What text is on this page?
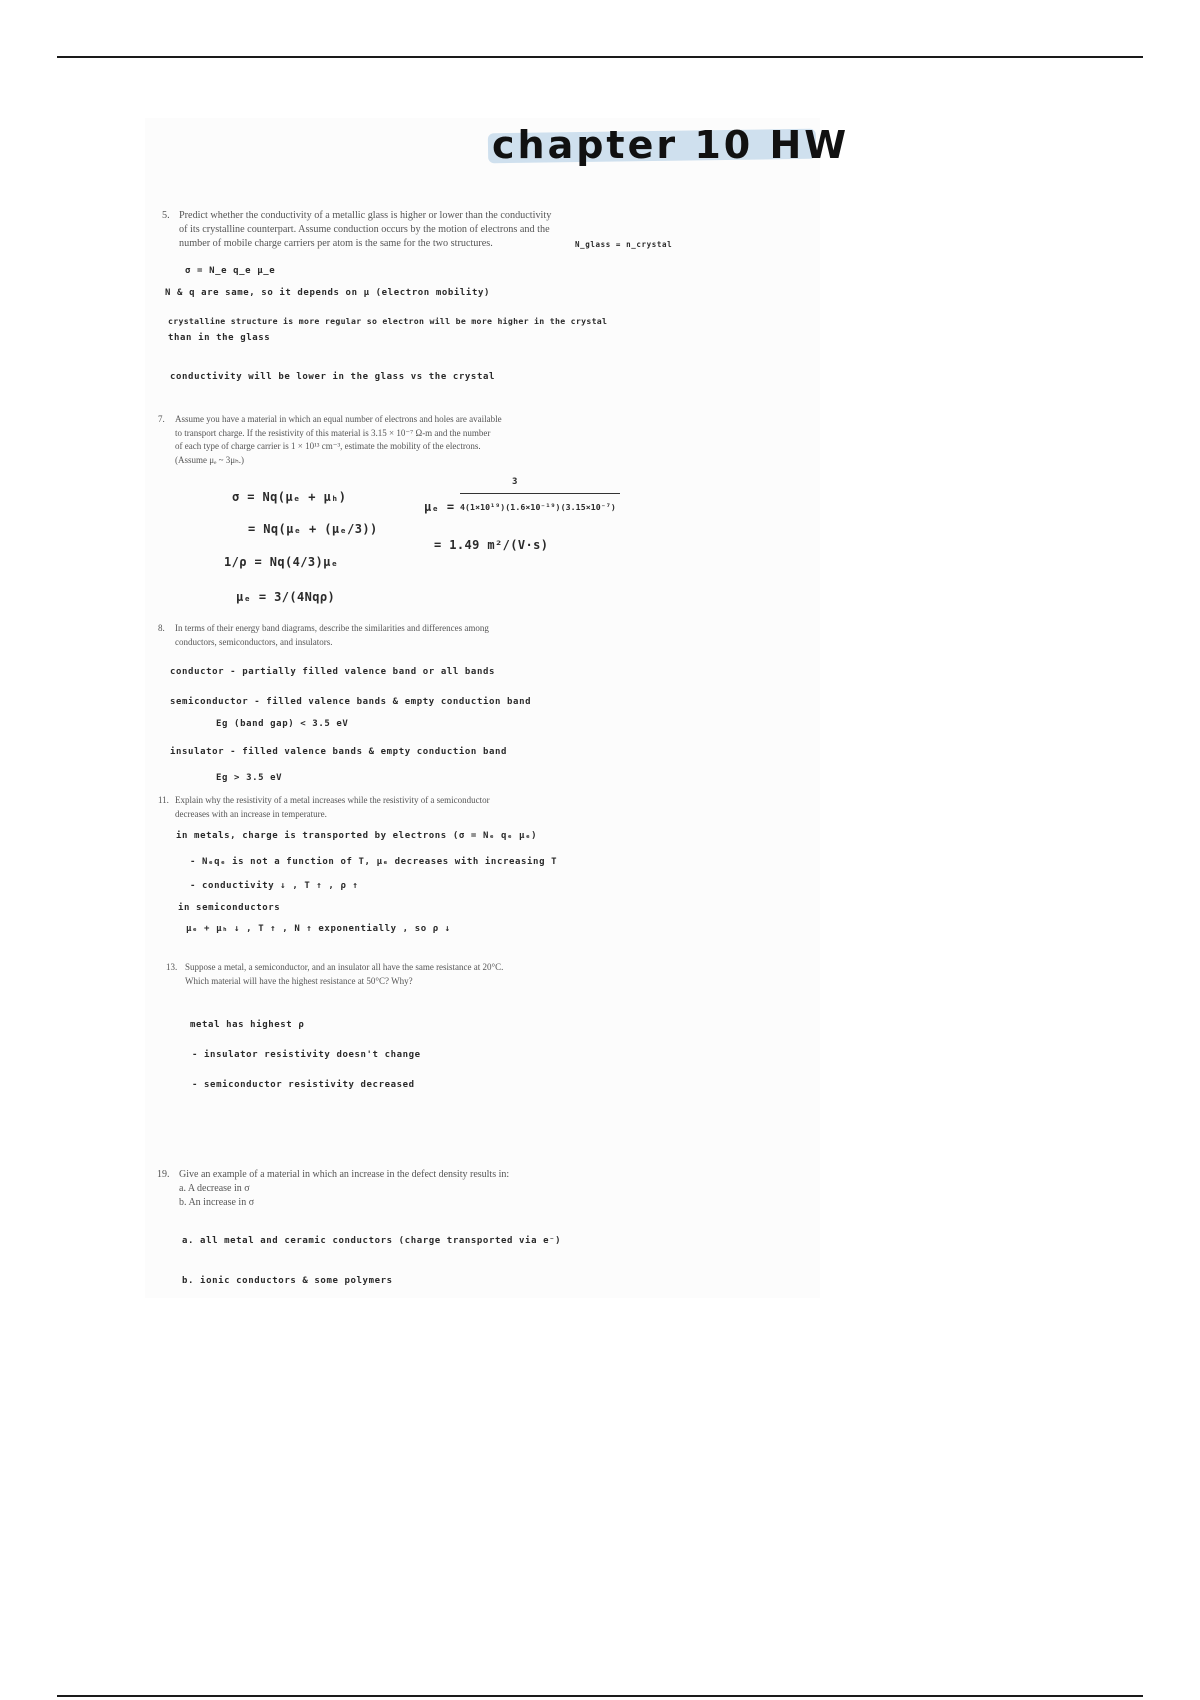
chapter 10 HW
5. Predict whether the conductivity of a metallic glass is higher or lower than the conductivity
of its crystalline counterpart. Assume conduction occurs by the motion of electrons and the
number of mobile charge carriers per atom is the same for the two structures.	N_glass = n_crystal
σ = N_e q_e μ_e
N & q are same, so it depends on μ (electron mobility)
crystalline structure is more regular so electron will be more higher in the crystal
than in the glass
conductivity will be lower in the glass vs the crystal
7. Assume you have a material in which an equal number of electrons and holes are available
to transport charge. If the resistivity of this material is 3.15 × 10⁻⁷ Ω-m and the number
of each type of charge carrier is 1 × 10¹³ cm⁻³, estimate the mobility of the electrons.
(Assume μₑ ~ 3μₕ.)
σ = Nq(μₑ + μₕ)
= Nq(μₑ + (μₑ/3))
1/ρ = Nq(4/3)μₑ
μₑ = 3/(4Nqρ)
μₑ =
3
4(1×10¹⁹)(1.6×10⁻¹⁹)(3.15×10⁻⁷)
= 1.49 m²/(V·s)
8. In terms of their energy band diagrams, describe the similarities and differences among
conductors, semiconductors, and insulators.
conductor - partially filled valence band or all bands
semiconductor - filled valence bands & empty conduction band
Eg (band gap) < 3.5 eV
insulator - filled valence bands & empty conduction band
Eg > 3.5 eV
11. Explain why the resistivity of a metal increases while the resistivity of a semiconductor
decreases with an increase in temperature.
in metals, charge is transported by electrons (σ = Nₑ qₑ μₑ)
- Nₑqₑ is not a function of T, μₑ decreases with increasing T
- conductivity ↓ , T ↑ , ρ ↑
in semiconductors
μₑ + μₕ ↓ , T ↑ , N ↑ exponentially , so ρ ↓
13. Suppose a metal, a semiconductor, and an insulator all have the same resistance at 20°C.
Which material will have the highest resistance at 50°C? Why?
metal has highest ρ
- insulator resistivity doesn't change
- semiconductor resistivity decreased
19. Give an example of a material in which an increase in the defect density results in:
a. A decrease in σ
b. An increase in σ
a. all metal and ceramic conductors (charge transported via e⁻)
b. ionic conductors & some polymers
